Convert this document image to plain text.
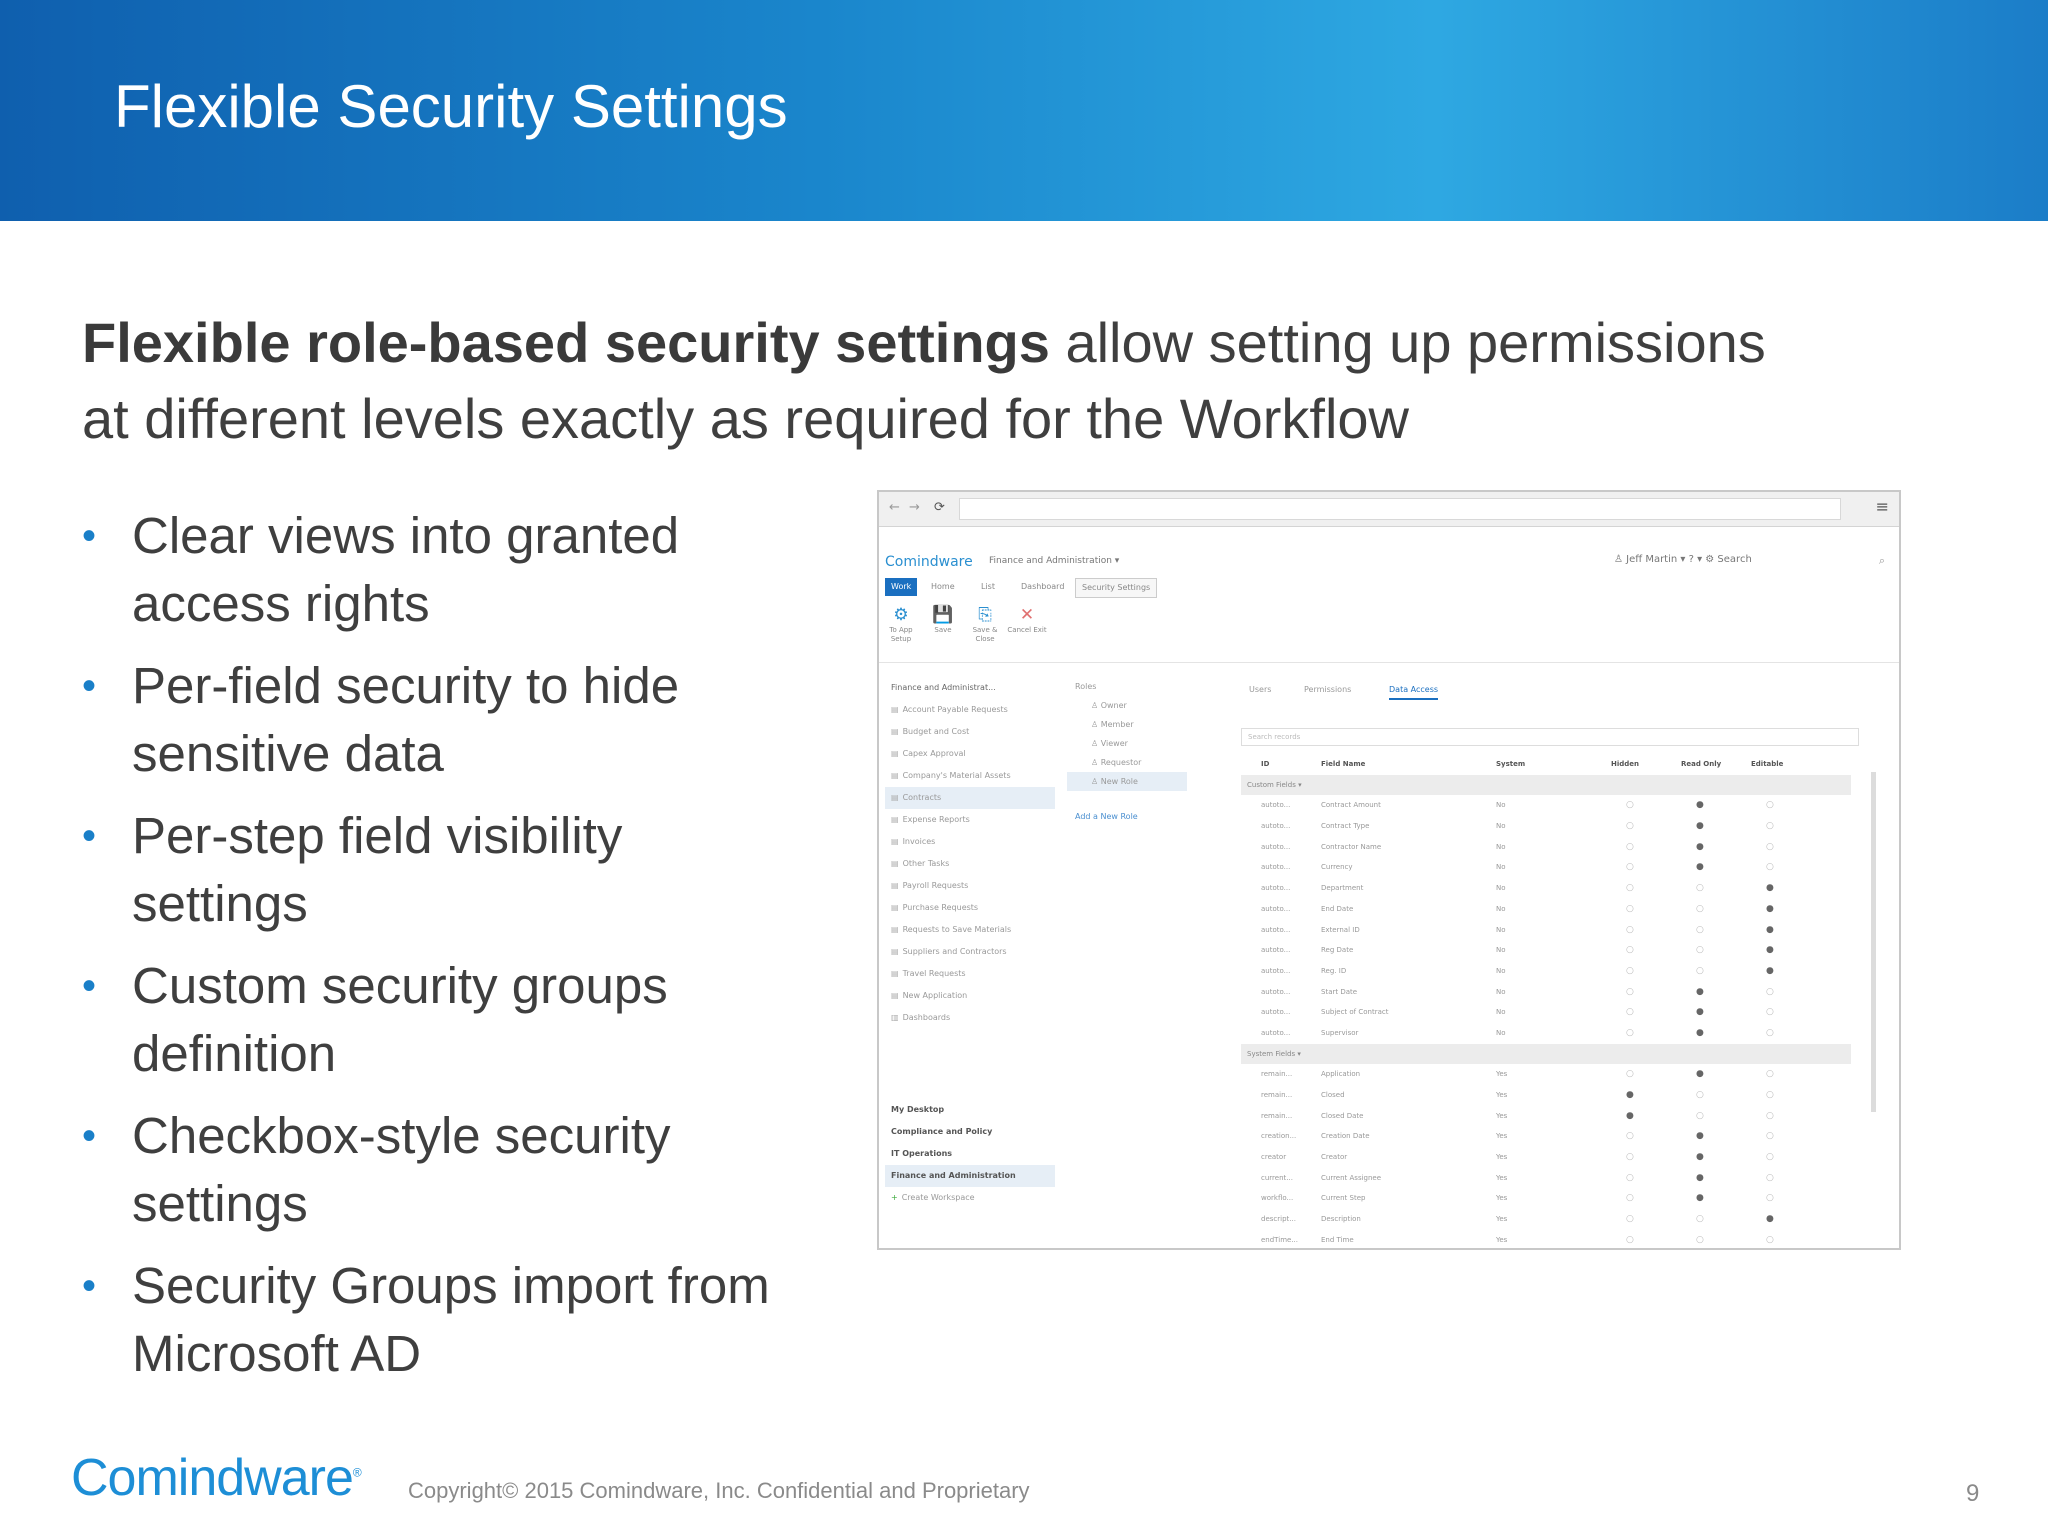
Flexible Security Settings
Flexible role-based security settings allow setting up permissions at different levels exactly as required for the Workflow
• Clear views into granted access rights
• Per-field security to hide sensitive data
• Per-step field visibility settings
• Custom security groups definition
• Checkbox-style security settings
• Security Groups import from Microsoft AD
← → ⟳	≡
Comindware Finance and Administration ▾	♙ Jeff Martin ▾ ? ▾ ⚙ Search	⌕
Work	Home	List	Dashboard	Security Settings
⚙
To App Setup
💾
Save
⎘
Save & Close
✕
Cancel Exit
Finance and Administrat...
▤ Account Payable Requests
▤ Budget and Cost
▤ Capex Approval
▤ Company's Material Assets
▤ Contracts
▤ Expense Reports
▤ Invoices
▤ Other Tasks
▤ Payroll Requests
▤ Purchase Requests
▤ Requests to Save Materials
▤ Suppliers and Contractors
▤ Travel Requests
▤ New Application
▥ Dashboards
My Desktop
Compliance and Policy
IT Operations
Finance and Administration
+ Create Workspace
Roles
♙ Owner
♙ Member
♙ Viewer
♙ Requestor
♙ New Role
Add a New Role
Users	Permissions	Data Access
Search records
ID	Field Name	System	Hidden	Read Only	Editable
Custom Fields ▾
autoto...	Contract Amount	No	○	●	○
autoto...	Contract Type	No	○	●	○
autoto...	Contractor Name	No	○	●	○
autoto...	Currency	No	○	●	○
autoto...	Department	No	○	○	●
autoto...	End Date	No	○	○	●
autoto...	External ID	No	○	○	●
autoto...	Reg Date	No	○	○	●
autoto...	Reg. ID	No	○	○	●
autoto...	Start Date	No	○	●	○
autoto...	Subject of Contract	No	○	●	○
autoto...	Supervisor	No	○	●	○
System Fields ▾
remain...	Application	Yes	○	●	○
remain...	Closed	Yes	●	○	○
remain...	Closed Date	Yes	●	○	○
creation...	Creation Date	Yes	○	●	○
creator	Creator	Yes	○	●	○
current...	Current Assignee	Yes	○	●	○
workflo...	Current Step	Yes	○	●	○
descript...	Description	Yes	○	○	●
endTime...	End Time	Yes	○	○	○
Comindware®
Copyright© 2015 Comindware, Inc. Confidential and Proprietary	9
